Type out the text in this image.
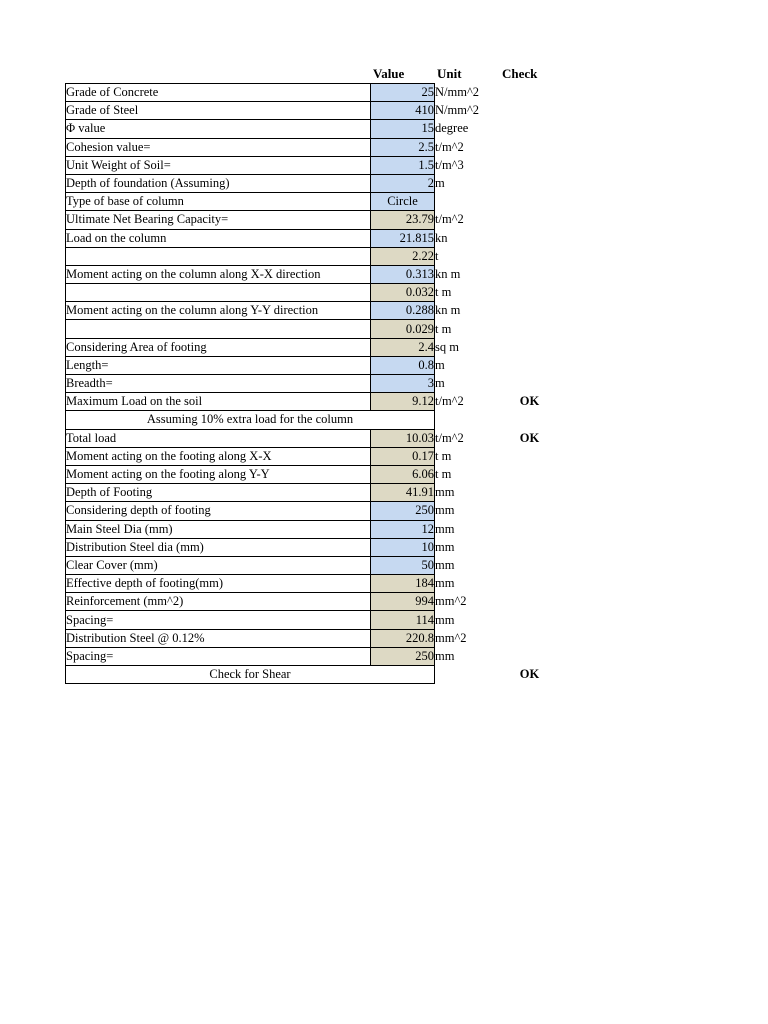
Value	Unit	Check
Grade of Concrete	25	N/mm^2	
Grade of Steel	410	N/mm^2	
Φ value	15	degree	
Cohesion value=	2.5	t/m^2	
Unit Weight of Soil=	1.5	t/m^3	
Depth of foundation (Assuming)	2	m	
Type of base of column	Circle		
Ultimate Net Bearing Capacity=	23.79	t/m^2	
Load on the column	21.815	kn	
	2.22	t	
Moment acting on the column along X-X direction	0.313	kn m	
	0.032	t m	
Moment acting on the column along Y-Y direction	0.288	kn m	
	0.029	t m	
Considering Area of footing	2.4	sq m	
Length=	0.8	m	
Breadth=	3	m	
Maximum Load on the soil	9.12	t/m^2	OK
Assuming 10% extra load for the column			
Total load	10.03	t/m^2	OK
Moment acting on the footing along X-X	0.17	t m	
Moment acting on the footing along Y-Y	6.06	t m	
Depth of Footing	41.91	mm	
Considering depth of footing	250	mm	
Main Steel Dia (mm)	12	mm	
Distribution Steel dia (mm)	10	mm	
Clear Cover (mm)	50	mm	
Effective depth of footing(mm)	184	mm	
Reinforcement (mm^2)	994	mm^2	
Spacing=	114	mm	
Distribution Steel @ 0.12%	220.8	mm^2	
Spacing=	250	mm	
Check for Shear			OK
